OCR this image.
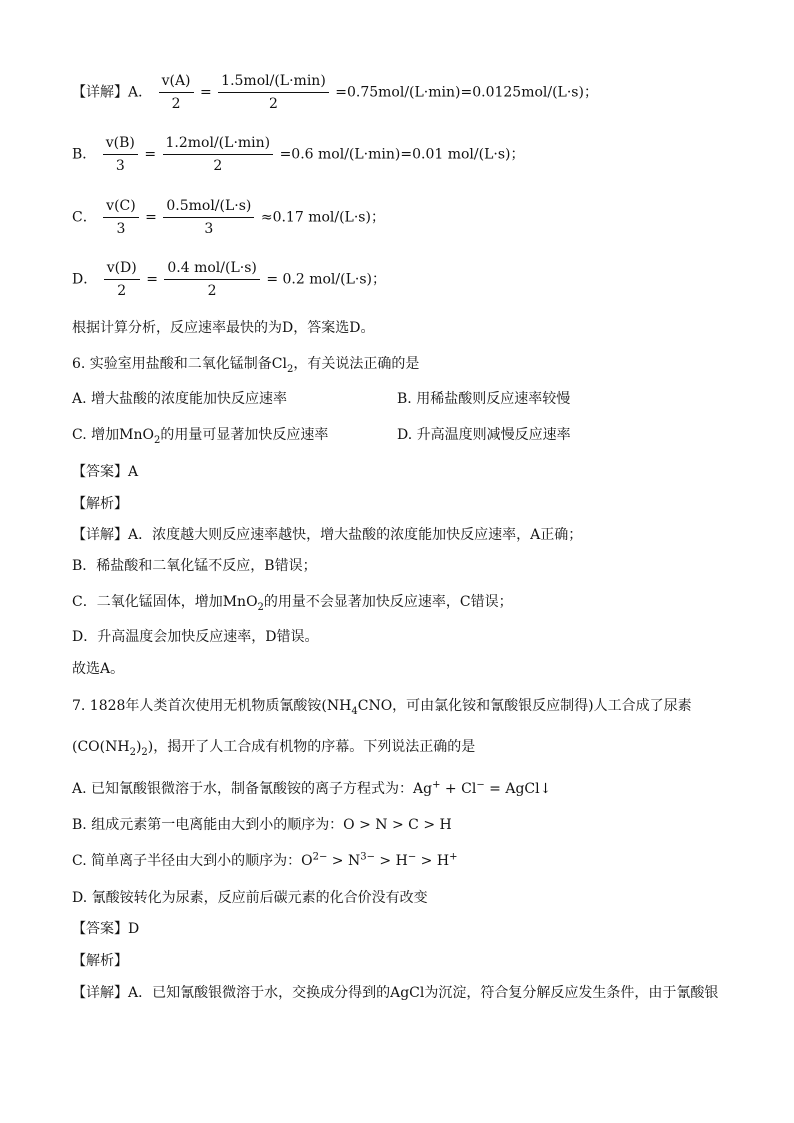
【详解】A． $\frac{v(A)}{2} = \frac{\text{1.5mol/(L·min)}}{2} =0.75mol/(L\cdot\min)=0.0125mol/(L\cdot s)$；
B． $\frac{v(B)}{3} = \frac{\text{1.2mol/(L·min)}}{2} =0.6$ mol/(L·min)=0.01 mol/(L·s)；
C． $\frac{v(C)}{3} = \frac{\text{0.5mol/(L·s)}}{3} \approx 0.17$ mol/(L·s)；
D． $\frac{v(D)}{2} = \frac{\text{0.4 mol/(L·s)}}{2} = 0.2$ mol/(L·s)；
根据计算分析，反应速率最快的为D，答案选D。
6. 实验室用盐酸和二氧化锰制备$Cl_2$，有关说法正确的是
A. 增大盐酸的浓度能加快反应速率	B. 用稀盐酸则反应速率较慢
C. 增加MnO$_2$的用量可显著加快反应速率	D. 升高温度则减慢反应速率
【答案】A
【解析】
【详解】A．浓度越大则反应速率越快，增大盐酸的浓度能加快反应速率，A正确；
B．稀盐酸和二氧化锰不反应，B错误；
C．二氧化锰固体，增加MnO$_2$的用量不会显著加快反应速率，C错误；
D．升高温度会加快反应速率，D错误。
故选A。
7. 1828年人类首次使用无机物质氰酸铵($NH_4CNO$，可由氯化铵和氰酸银反应制得)人工合成了尿素
$(CO(NH_2)_2)$，揭开了人工合成有机物的序幕。下列说法正确的是
A. 已知氰酸银微溶于水，制备氰酸铵的离子方程式为：Ag+ + Cl− = AgCl↓
B. 组成元素第一电离能由大到小的顺序为：O > N > C > H
C. 简单离子半径由大到小的顺序为：$O^{2-} > N^{3-} > H^- > H^+$
D. 氰酸铵转化为尿素，反应前后碳元素的化合价没有改变
【答案】D
【解析】
【详解】A．已知氰酸银微溶于水，交换成分得到的AgCl为沉淀，符合复分解反应发生条件，由于氰酸银
